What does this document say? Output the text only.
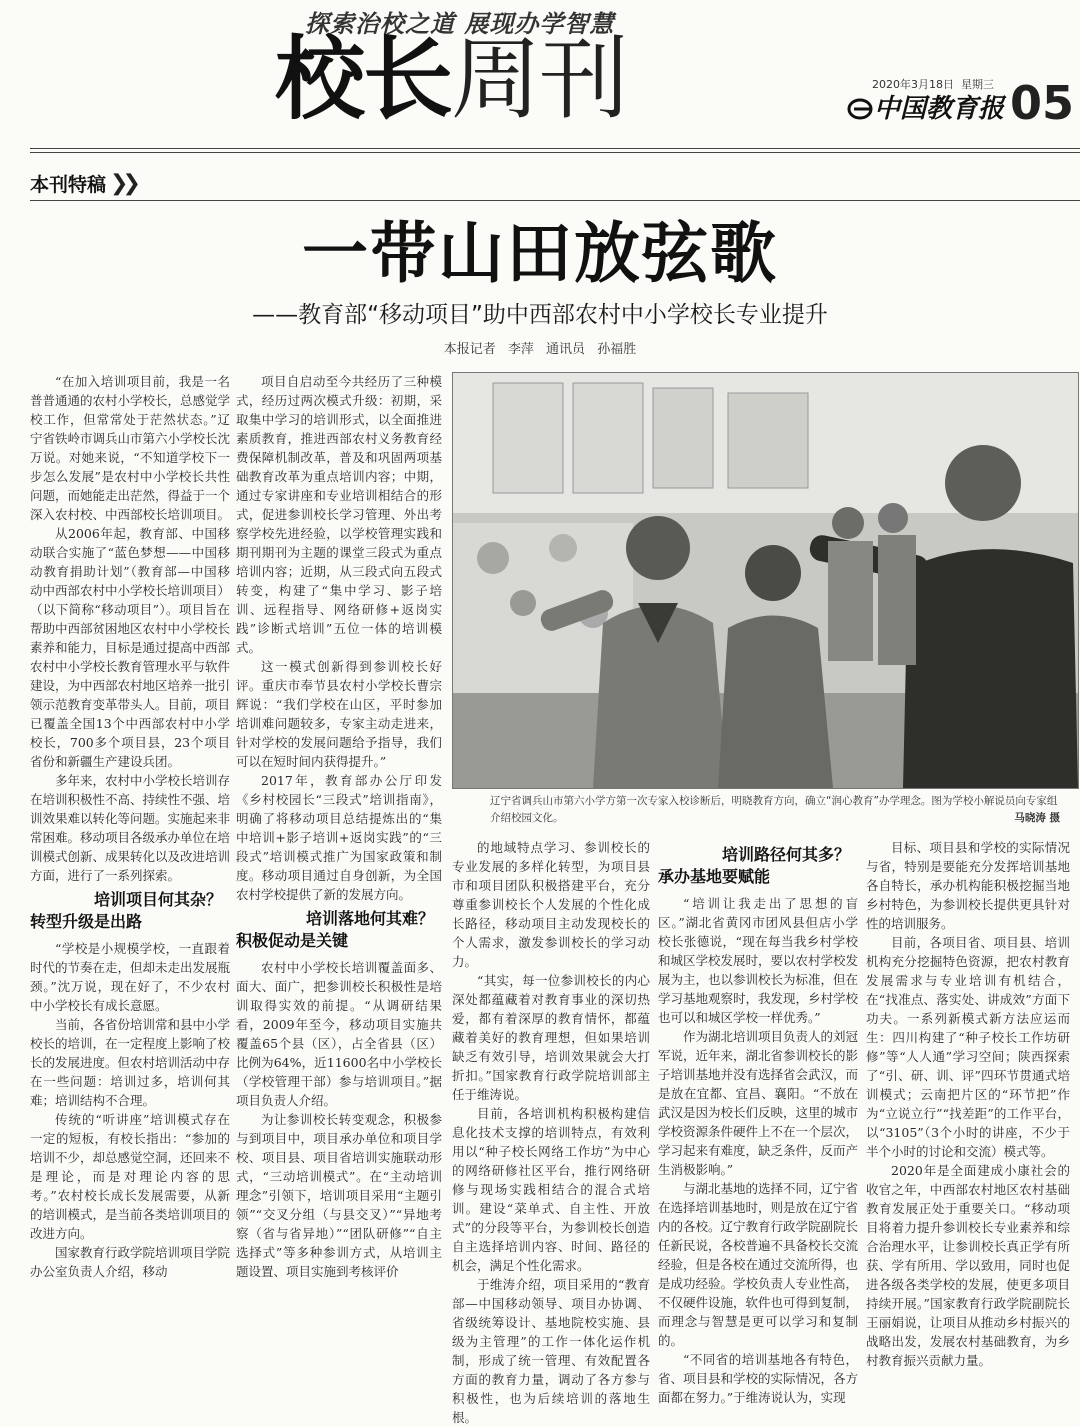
探索治校之道 展现办学智慧
校长周刊	2020年3月18日 星期三
中国教育报 05
本刊特稿 ❯❯
一带山田放弦歌
——教育部“移动项目”助中西部农村中小学校长专业提升
本报记者 李萍 通讯员 孙福胜

“在加入培训项目前，我是一名普普通通的农村小学校长，总感觉学校工作，但常常处于茫然状态。”辽宁省铁岭市调兵山市第六小学校长沈万说。对她来说，“不知道学校下一步怎么发展”是农村中小学校长共性问题，而她能走出茫然，得益于一个深入农村校、中西部校长培训项目。

从2006年起，教育部、中国移动联合实施了“蓝色梦想——中国移动教育捐助计划”（教育部—中国移动中西部农村中小学校长培训项目）（以下简称“移动项目”）。项目旨在帮助中西部贫困地区农村中小学校长素养和能力，目标是通过提高中西部农村中小学校长教育管理水平与软件建设，为中西部农村地区培养一批引领示范教育变革带头人。目前，项目已覆盖全国13个中西部农村中小学校长，700多个项目县，23个项目省份和新疆生产建设兵团。

多年来，农村中小学校长培训存在培训积极性不高、持续性不强、培训效果难以转化等问题。实施起来非常困难。移动项目各级承办单位在培训模式创新、成果转化以及改进培训方面，进行了一系列探索。

培训项目何其杂？
转型升级是出路

“学校是小规模学校，一直跟着时代的节奏在走，但却未走出发展瓶颈。”沈万说，现在好了，不少农村中小学校长有成长意愿。

当前，各省份培训常和县中小学校长的培训，在一定程度上影响了校长的发展进度。但农村培训活动中存在一些问题：培训过多，培训何其难；培训结构不合理。

传统的“听讲座”培训模式存在一定的短板，有校长指出：“参加的培训不少，却总感觉空洞，还回来不是理论，而是对理论内容的思考。”农村校长成长发展需要，从新的培训模式，是当前各类培训项目的改进方向。

国家教育行政学院培训项目学院办公室负责人介绍，移动

项目自启动至今共经历了三种模式，经历过两次模式升级：初期，采取集中学习的培训形式，以全面推进素质教育，推进西部农村义务教育经费保障机制改革，普及和巩固两项基础教育改革为重点培训内容；中期，通过专家讲座和专业培训相结合的形式，促进参训校长学习管理、外出考察学校先进经验，以学校管理实践和期刊期刊为主题的课堂三段式为重点培训内容；近期，从三段式向五段式转变，构建了“集中学习、影子培训、远程指导、网络研修+返岗实践”诊断式培训”五位一体的培训模式。

这一模式创新得到参训校长好评。重庆市奉节县农村小学校长曹宗辉说：“我们学校在山区，平时参加培训难问题较多，专家主动走进来，针对学校的发展问题给予指导，我们可以在短时间内获得提升。”

2017年，教育部办公厅印发《乡村校园长“三段式”培训指南》，明确了将移动项目总结提炼出的“集中培训+影子培训+返岗实践”的“三段式”培训模式推广为国家政策和制度。移动项目通过自身创新，为全国农村学校提供了新的发展方向。

培训落地何其难？
积极促动是关键

农村中小学校长培训覆盖面多、面大、面广，把参训校长积极性是培训取得实效的前提。“从调研结果看，2009年至今，移动项目实施共覆盖65个县（区），占全省县（区）比例为64%，近11600名中小学校长（学校管理干部）参与培训项目。”据项目负责人介绍。

为让参训校长转变观念，积极参与到项目中，项目承办单位和项目学校、项目县、项目省培训实施联动形式，“三动培训模式”。在“主动培训理念”引领下，培训项目采用“主题引领”“交叉分组（与县交叉）”“异地考察（省与省异地）”“团队研修”“自主选择式”等多种参训方式，从培训主题设置、项目实施到考核评价

辽宁省调兵山市第六小学方第一次专家入校诊断后，明晓教育方向，确立“润心教育”办学理念。图为学校小解说员向专家组介绍校园文化。	马晓涛 摄

的地域特点学习、参训校长的专业发展的多样化转型，为项目县市和项目团队积极搭建平台，充分尊重参训校长个人发展的个性化成长路径，移动项目主动发现校长的个人需求，激发参训校长的学习动力。

“其实，每一位参训校长的内心深处都蕴藏着对教育事业的深切热爱，都有着深厚的教育情怀，都蕴藏着美好的教育理想，但如果培训缺乏有效引导，培训效果就会大打折扣。”国家教育行政学院培训部主任于维涛说。

目前，各培训机构积极构建信息化技术支撑的培训特点，有效利用以“种子校长网络工作坊”为中心的网络研修社区平台，推行网络研修与现场实践相结合的混合式培训。建设“菜单式、自主性、开放式”的分段等平台，为参训校长创造自主选择培训内容、时间、路径的机会，满足个性化需求。

于维涛介绍，项目采用的“教育部—中国移动领导、项目办协调、省级统筹设计、基地院校实施、县级为主管理”的工作一体化运作机制，形成了统一管理、有效配置各方面的教育力量，调动了各方参与积极性，也为后续培训的落地生根。

培训路径何其多？
承办基地要赋能

“培训让我走出了思想的盲区。”湖北省黄冈市团风县但店小学校长张德说，“现在每当我乡村学校和城区学校发展时，要以农村学校发展为主，也以参训校长为标准，但在学习基地观察时，我发现，乡村学校也可以和城区学校一样优秀。”

作为湖北培训项目负责人的刘冠军说，近年来，湖北省参训校长的影子培训基地并没有选择省会武汉，而是放在宜都、宜昌、襄阳。“不放在武汉是因为校长们反映，这里的城市学校资源条件硬件上不在一个层次，学习起来有难度，缺乏条件，反而产生消极影响。”

与湖北基地的选择不同，辽宁省在选择培训基地时，则是放在辽宁省内的各校。辽宁教育行政学院副院长任新民说，各校普遍不具备校长交流经验，但是各校在通过交流所得，也是成功经验。学校负责人专业性高，不仅硬件设施，软件也可得到复制，而理念与智慧是更可以学习和复制的。

“不同省的培训基地各有特色，省、项目县和学校的实际情况，各方面都在努力。”于维涛说认为，实现

目标、项目县和学校的实际情况与省，特别是要能充分发挥培训基地各自特长，承办机构能积极挖掘当地乡村特色，为参训校长提供更具针对性的培训服务。

目前，各项目省、项目县、培训机构充分挖掘特色资源，把农村教育发展需求与专业培训有机结合，在“找准点、落实处、讲成效”方面下功夫。一系列新模式新方法应运而生：四川构建了“种子校长工作坊研修”等“人人通”学习空间；陕西探索了“引、研、训、评”四环节贯通式培训模式；云南把片区的“环节把”作为“立说立行”“找差距”的工作平台，以“3105”（3个小时的讲座，不少于半个小时的讨论和交流）模式等。

2020年是全面建成小康社会的收官之年，中西部农村地区农村基础教育发展正处于重要关口。“移动项目将着力提升参训校长专业素养和综合治理水平，让参训校长真正学有所获、学有所用、学以致用，同时也促进各级各类学校的发展，使更多项目持续开展。”国家教育行政学院副院长王丽娟说，让项目从推动乡村振兴的战略出发，发展农村基础教育，为乡村教育振兴贡献力量。
